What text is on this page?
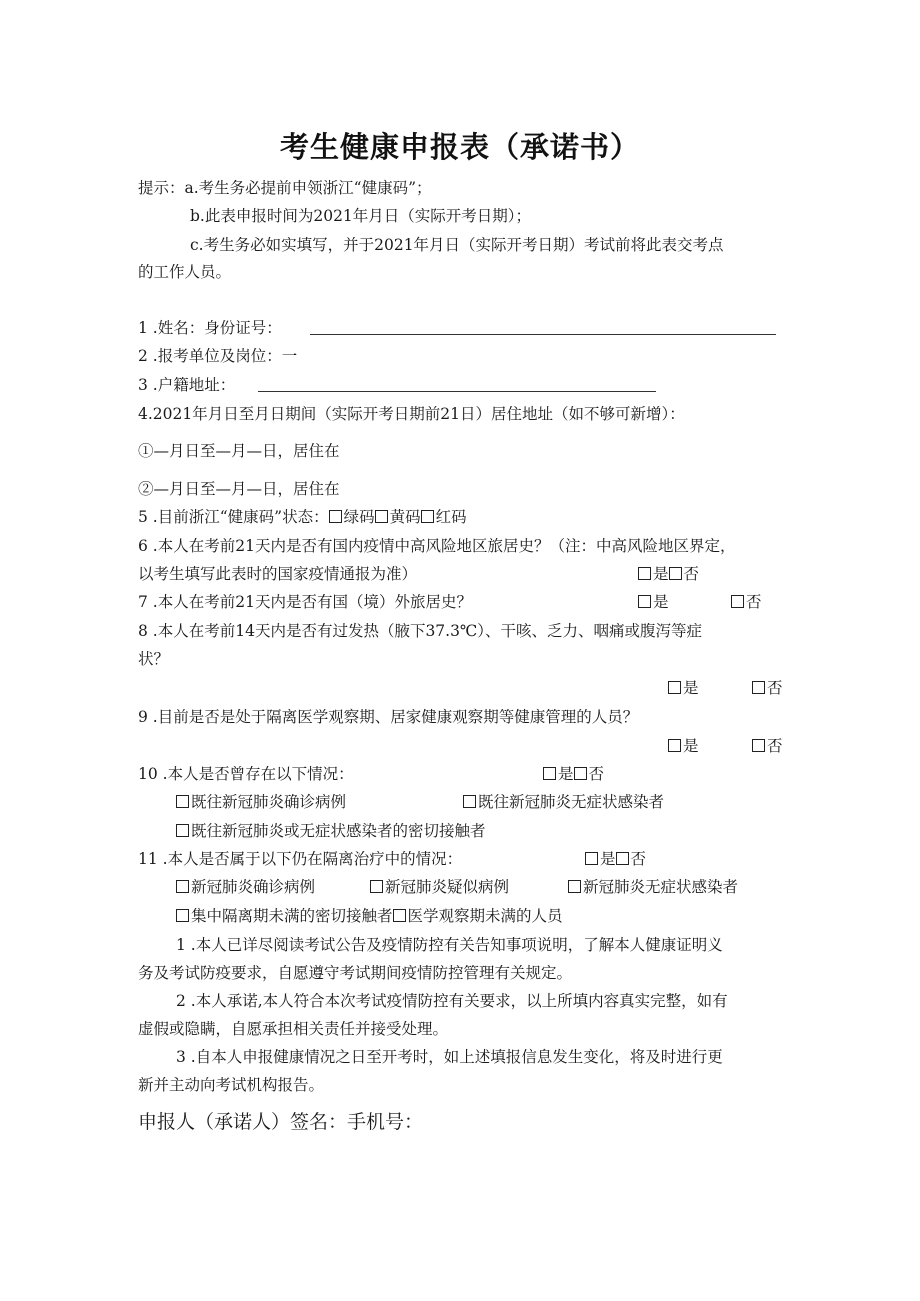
考生健康申报表（承诺书）
提示：a.考生务必提前申领浙江“健康码”；
b.此表申报时间为2021年月日（实际开考日期）；
c.考生务必如实填写，并于2021年月日（实际开考日期）考试前将此表交考点
的工作人员。
1 .姓名：身份证号：
2 .报考单位及岗位：一
3 .户籍地址：
4.2021年月日至月日期间（实际开考日期前21日）居住地址（如不够可新增）：
①—月日至—月—日，居住在
②—月日至—月—日，居住在
5 .目前浙江“健康码”状态： 绿码 黄码 红码
6 .本人在考前21天内是否有国内疫情中高风险地区旅居史？（注：中高风险地区界定，
以考生填写此表时的国家疫情通报为准）	是 否
7 .本人在考前21天内是否有国（境）外旅居史？	是	否
8 .本人在考前14天内是否有过发热（腋下37.3℃）、干咳、乏力、咽痛或腹泻等症
状？
是	否
9 .目前是否是处于隔离医学观察期、居家健康观察期等健康管理的人员？
是	否
10 .本人是否曾存在以下情况：	是 否
既往新冠肺炎确诊病例	既往新冠肺炎无症状感染者
既往新冠肺炎或无症状感染者的密切接触者
11 .本人是否属于以下仍在隔离治疗中的情况：	是 否
新冠肺炎确诊病例	新冠肺炎疑似病例	新冠肺炎无症状感染者
集中隔离期未满的密切接触者 医学观察期未满的人员
1 .本人已详尽阅读考试公告及疫情防控有关告知事项说明，了解本人健康证明义
务及考试防疫要求，自愿遵守考试期间疫情防控管理有关规定。
2 .本人承诺,本人符合本次考试疫情防控有关要求，以上所填内容真实完整，如有
虚假或隐瞒，自愿承担相关责任并接受处理。
3 .自本人申报健康情况之日至开考时，如上述填报信息发生变化，将及时进行更
新并主动向考试机构报告。
申报人（承诺人）签名：手机号：
